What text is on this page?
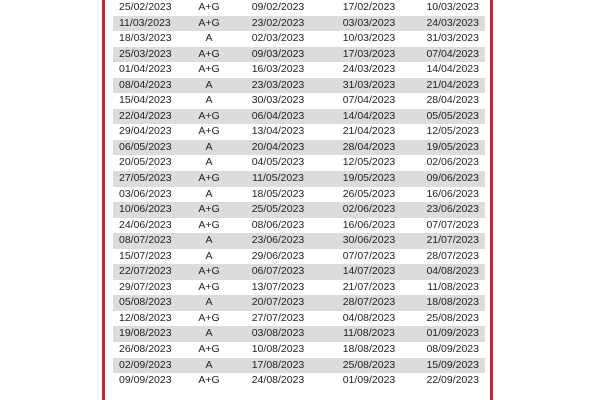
25/02/2023	A+G	09/02/2023	17/02/2023	10/03/2023
11/03/2023	A+G	23/02/2023	03/03/2023	24/03/2023
18/03/2023	A	02/03/2023	10/03/2023	31/03/2023
25/03/2023	A+G	09/03/2023	17/03/2023	07/04/2023
01/04/2023	A+G	16/03/2023	24/03/2023	14/04/2023
08/04/2023	A	23/03/2023	31/03/2023	21/04/2023
15/04/2023	A	30/03/2023	07/04/2023	28/04/2023
22/04/2023	A+G	06/04/2023	14/04/2023	05/05/2023
29/04/2023	A+G	13/04/2023	21/04/2023	12/05/2023
06/05/2023	A	20/04/2023	28/04/2023	19/05/2023
20/05/2023	A	04/05/2023	12/05/2023	02/06/2023
27/05/2023	A+G	11/05/2023	19/05/2023	09/06/2023
03/06/2023	A	18/05/2023	26/05/2023	16/06/2023
10/06/2023	A+G	25/05/2023	02/06/2023	23/06/2023
24/06/2023	A+G	08/06/2023	16/06/2023	07/07/2023
08/07/2023	A	23/06/2023	30/06/2023	21/07/2023
15/07/2023	A	29/06/2023	07/07/2023	28/07/2023
22/07/2023	A+G	06/07/2023	14/07/2023	04/08/2023
29/07/2023	A+G	13/07/2023	21/07/2023	11/08/2023
05/08/2023	A	20/07/2023	28/07/2023	18/08/2023
12/08/2023	A+G	27/07/2023	04/08/2023	25/08/2023
19/08/2023	A	03/08/2023	11/08/2023	01/09/2023
26/08/2023	A+G	10/08/2023	18/08/2023	08/09/2023
02/09/2023	A	17/08/2023	25/08/2023	15/09/2023
09/09/2023	A+G	24/08/2023	01/09/2023	22/09/2023
